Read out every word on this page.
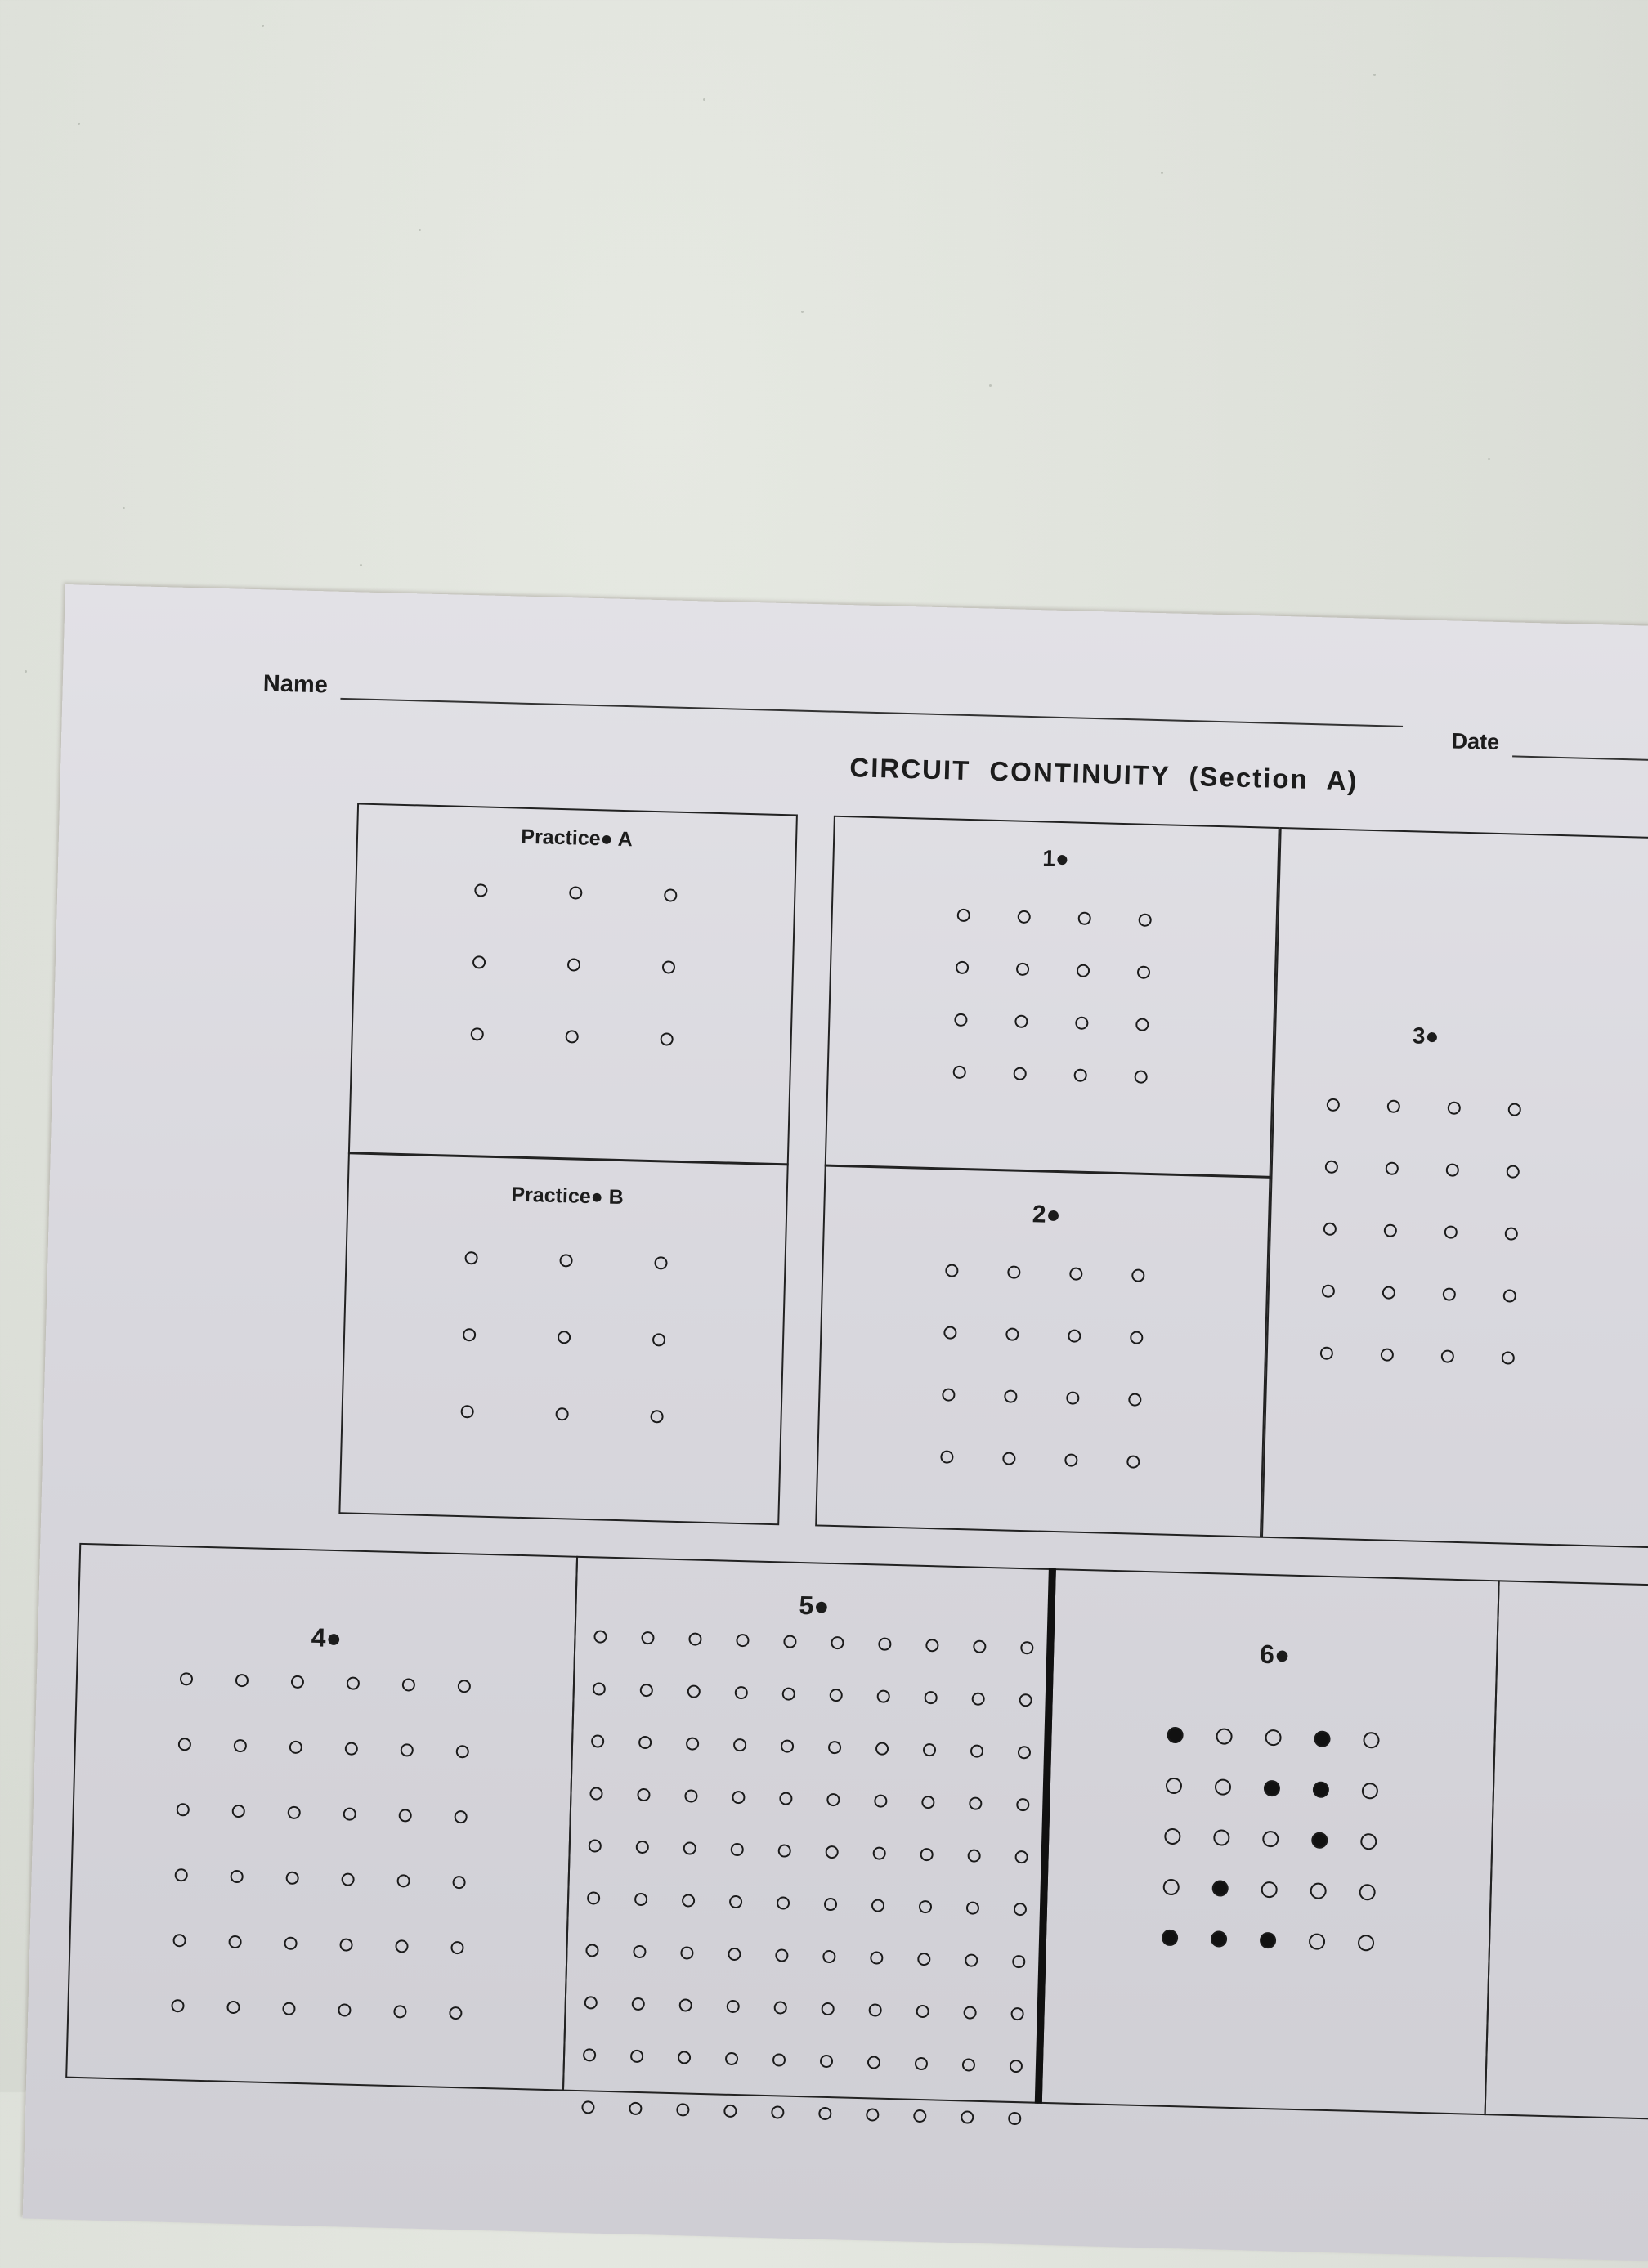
Name
Date
CIRCUIT CONTINUITY (Section A)
Practice● A
Practice● B
1●
2●
3●
4●
5●
6●
